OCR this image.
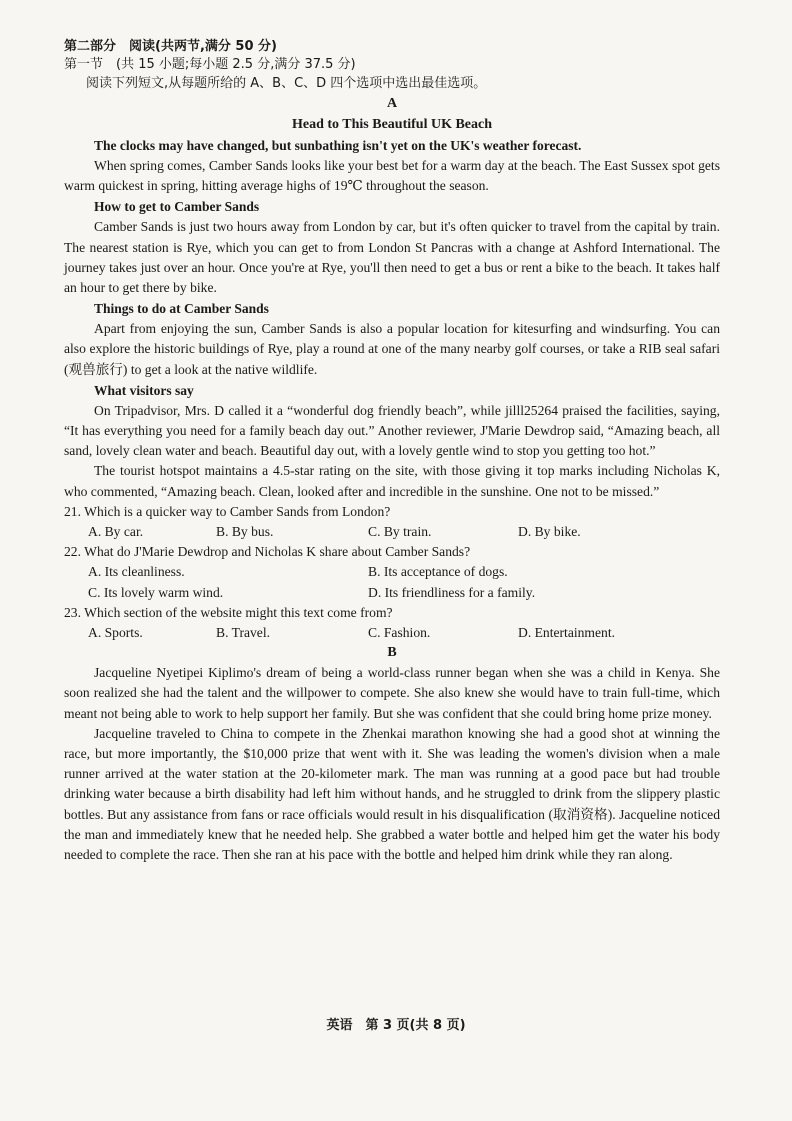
第二部分　阅读(共两节,满分 50 分)

第一节　(共 15 小题;每小题 2.5 分,满分 37.5 分)

阅读下列短文,从每题所给的 A、B、C、D 四个选项中选出最佳选项。

A

Head to This Beautiful UK Beach

The clocks may have changed, but sunbathing isn't yet on the UK's weather forecast.

When spring comes, Camber Sands looks like your best bet for a warm day at the beach. The East Sussex spot gets warm quickest in spring, hitting average highs of 19℃ throughout the season.

How to get to Camber Sands

Camber Sands is just two hours away from London by car, but it's often quicker to travel from the capital by train. The nearest station is Rye, which you can get to from London St Pancras with a change at Ashford International. The journey takes just over an hour. Once you're at Rye, you'll then need to get a bus or rent a bike to the beach. It takes half an hour to get there by bike.

Things to do at Camber Sands

Apart from enjoying the sun, Camber Sands is also a popular location for kitesurfing and windsurfing. You can also explore the historic buildings of Rye, play a round at one of the many nearby golf courses, or take a RIB seal safari (观兽旅行) to get a look at the native wildlife.

What visitors say

On Tripadvisor, Mrs. D called it a “wonderful dog friendly beach”, while jilll25264 praised the facilities, saying, “It has everything you need for a family beach day out.” Another reviewer, J'Marie Dewdrop said, “Amazing beach, all sand, lovely clean water and beach. Beautiful day out, with a lovely gentle wind to stop you getting too hot.”

The tourist hotspot maintains a 4.5-star rating on the site, with those giving it top marks including Nicholas K, who commented, “Amazing beach. Clean, looked after and incredible in the sunshine. One not to be missed.”

21. Which is a quicker way to Camber Sands from London?

A. By car.	B. By bus.	C. By train.	D. By bike.

22. What do J'Marie Dewdrop and Nicholas K share about Camber Sands?

A. Its cleanliness.	B. Its acceptance of dogs.
C. Its lovely warm wind.	D. Its friendliness for a family.

23. Which section of the website might this text come from?

A. Sports.	B. Travel.	C. Fashion.	D. Entertainment.

B

Jacqueline Nyetipei Kiplimo's dream of being a world-class runner began when she was a child in Kenya. She soon realized she had the talent and the willpower to compete. She also knew she would have to train full-time, which meant not being able to work to help support her family. But she was confident that she could bring home prize money.

Jacqueline traveled to China to compete in the Zhenkai marathon knowing she had a good shot at winning the race, but more importantly, the $10,000 prize that went with it. She was leading the women's division when a male runner arrived at the water station at the 20-kilometer mark. The man was running at a good pace but had trouble drinking water because a birth disability had left him without hands, and he struggled to drink from the slippery plastic bottles. But any assistance from fans or race officials would result in his disqualification (取消资格). Jacqueline noticed the man and immediately knew that he needed help. She grabbed a water bottle and helped him get the water his body needed to complete the race. Then she ran at his pace with the bottle and helped him drink while they ran along.

英语　第 3 页(共 8 页)
